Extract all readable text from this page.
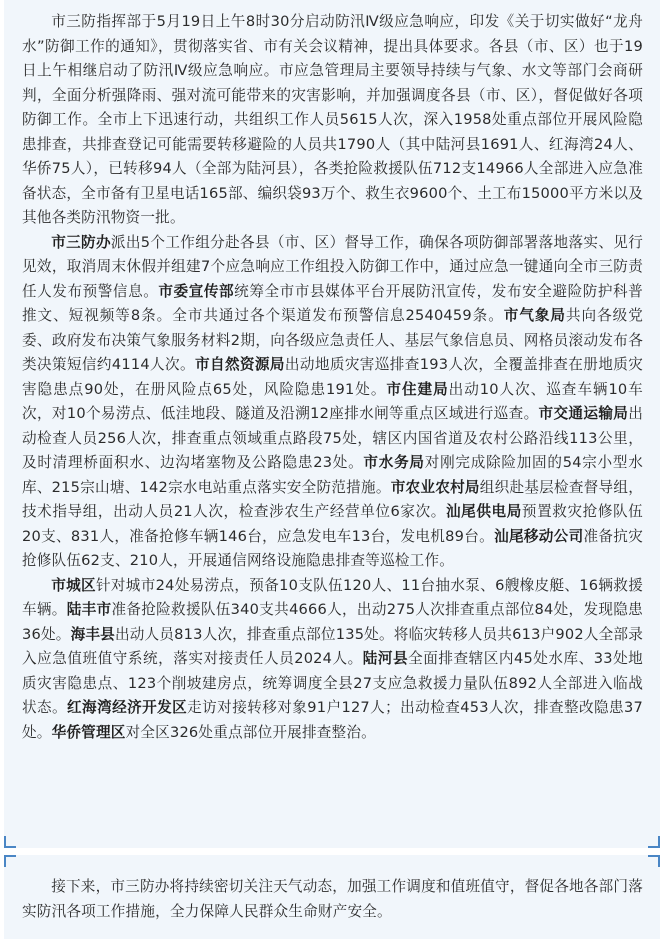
市三防指挥部于5月19日上午8时30分启动防汛Ⅳ级应急响应，印发《关于切实做好“龙舟水”防御工作的通知》，贯彻落实省、市有关会议精神，提出具体要求。各县（市、区）也于19日上午相继启动了防汛Ⅳ级应急响应。市应急管理局主要领导持续与气象、水文等部门会商研判，全面分析强降雨、强对流可能带来的灾害影响，并加强调度各县（市、区），督促做好各项防御工作。全市上下迅速行动，共组织工作人员5615人次，深入1958处重点部位开展风险隐患排查，共排查登记可能需要转移避险的人员共1790人（其中陆河县1691人、红海湾24人、华侨75人），已转移94人（全部为陆河县），各类抢险救援队伍712支14966人全部进入应急准备状态，全市备有卫星电话165部、编织袋93万个、救生衣9600个、土工布15000平方米以及其他各类防汛物资一批。

市三防办派出5个工作组分赴各县（市、区）督导工作，确保各项防御部署落地落实、见行见效，取消周末休假并组建7个应急响应工作组投入防御工作中，通过应急一键通向全市三防责任人发布预警信息。市委宣传部统筹全市市县媒体平台开展防汛宣传，发布安全避险防护科普推文、短视频等8条。全市共通过各个渠道发布预警信息2540459条。市气象局共向各级党委、政府发布决策气象服务材料2期，向各级应急责任人、基层气象信息员、网格员滚动发布各类决策短信约4114人次。市自然资源局出动地质灾害巡排查193人次，全覆盖排查在册地质灾害隐患点90处，在册风险点65处，风险隐患191处。市住建局出动10人次、巡查车辆10车次，对10个易涝点、低洼地段、隧道及沿溯12座排水闸等重点区域进行巡查。市交通运输局出动检查人员256人次，排查重点领域重点路段75处，辖区内国省道及农村公路沿线113公里，及时清理桥面积水、边沟堵塞物及公路隐患23处。市水务局对刚完成除险加固的54宗小型水库、215宗山塘、142宗水电站重点落实安全防范措施。市农业农村局组织赴基层检查督导组，技术指导组，出动人员21人次，检查涉农生产经营单位6家次。汕尾供电局预置救灾抢修队伍20支、831人，准备抢修车辆146台，应急发电车13台，发电机89台。汕尾移动公司准备抗灾抢修队伍62支、210人，开展通信网络设施隐患排查等巡检工作。

市城区针对城市24处易涝点，预备10支队伍120人、11台抽水泵、6艘橡皮艇、16辆救援车辆。陆丰市准备抢险救援队伍340支共4666人，出动275人次排查重点部位84处，发现隐患36处。海丰县出动人员813人次，排查重点部位135处。将临灾转移人员共613户902人全部录入应急值班值守系统，落实对接责任人员2024人。陆河县全面排查辖区内45处水库、33处地质灾害隐患点、123个削坡建房点，统筹调度全县27支应急救援力量队伍892人全部进入临战状态。红海湾经济开发区走访对接转移对象91户127人；出动检查453人次，排查整改隐患37处。华侨管理区对全区326处重点部位开展排查整治。

接下来，市三防办将持续密切关注天气动态，加强工作调度和值班值守，督促各地各部门落实防汛各项工作措施，全力保障人民群众生命财产安全。
